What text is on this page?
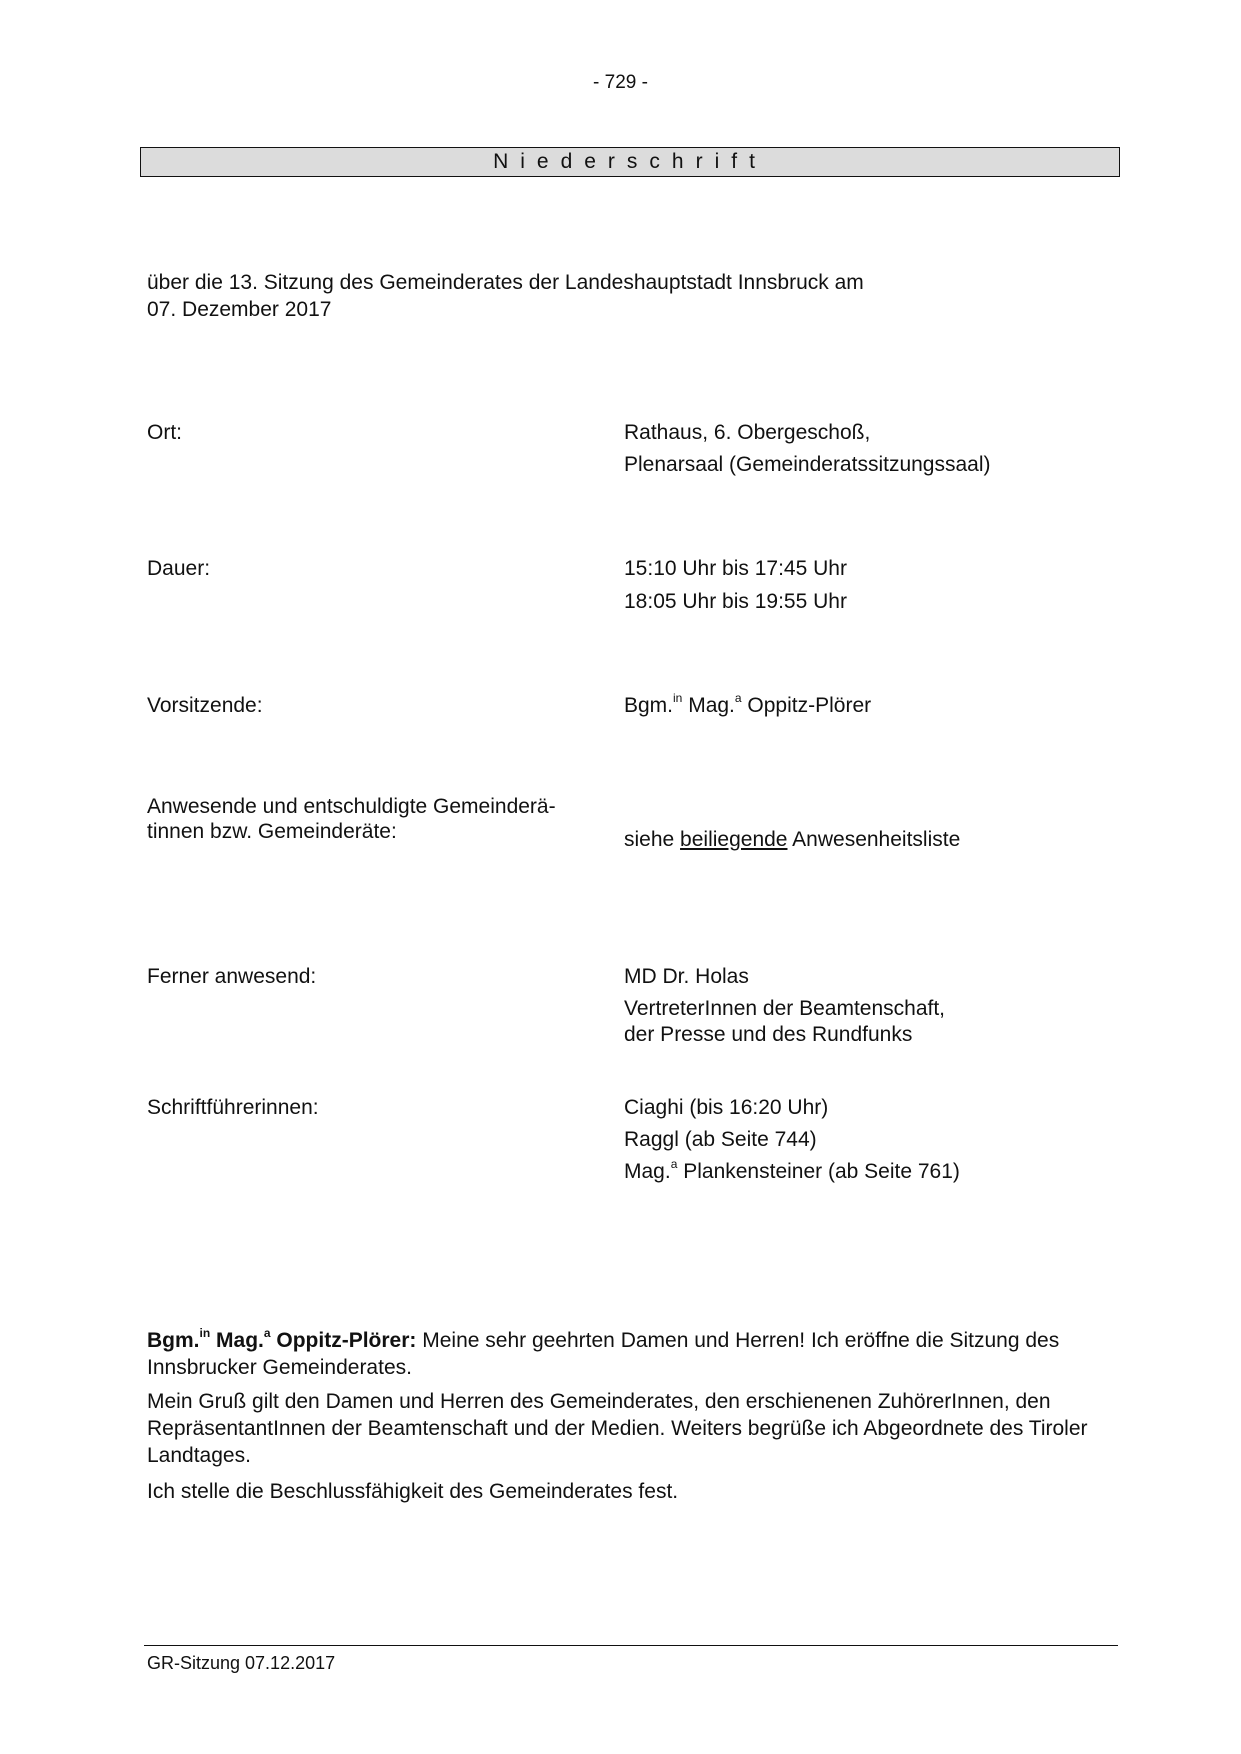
- 729 -
Niederschrift
über die 13. Sitzung des Gemeinderates der Landeshauptstadt Innsbruck am
07. Dezember 2017
Ort:	Rathaus, 6. Obergeschoß,
Plenarsaal (Gemeinderatssitzungssaal)
Dauer:	15:10 Uhr bis 17:45 Uhr
18:05 Uhr bis 19:55 Uhr
Vorsitzende:	Bgm.$^{in}$ Mag.$^a$ Oppitz-Plörer
Anwesende und entschuldigte Gemeinderä-
tinnen bzw. Gemeinderäte:	siehe beiliegende Anwesenheitsliste
Ferner anwesend:	MD Dr. Holas
VertreterInnen der Beamtenschaft,
der Presse und des Rundfunks
Schriftführerinnen:	Ciaghi (bis 16:20 Uhr)
Raggl (ab Seite 744)
Mag.$^a$ Plankensteiner (ab Seite 761)
Bgm.$^{in}$ Mag.$^a$ Oppitz-Plörer: Meine sehr geehrten Damen und Herren! Ich eröffne die Sitzung des Innsbrucker Gemeinderates.
Mein Gruß gilt den Damen und Herren des Gemeinderates, den erschienenen ZuhörerInnen, den RepräsentantInnen der Beamtenschaft und der Medien. Weiters begrüße ich Abgeordnete des Tiroler Landtages.
Ich stelle die Beschlussfähigkeit des Gemeinderates fest.
GR-Sitzung 07.12.2017
